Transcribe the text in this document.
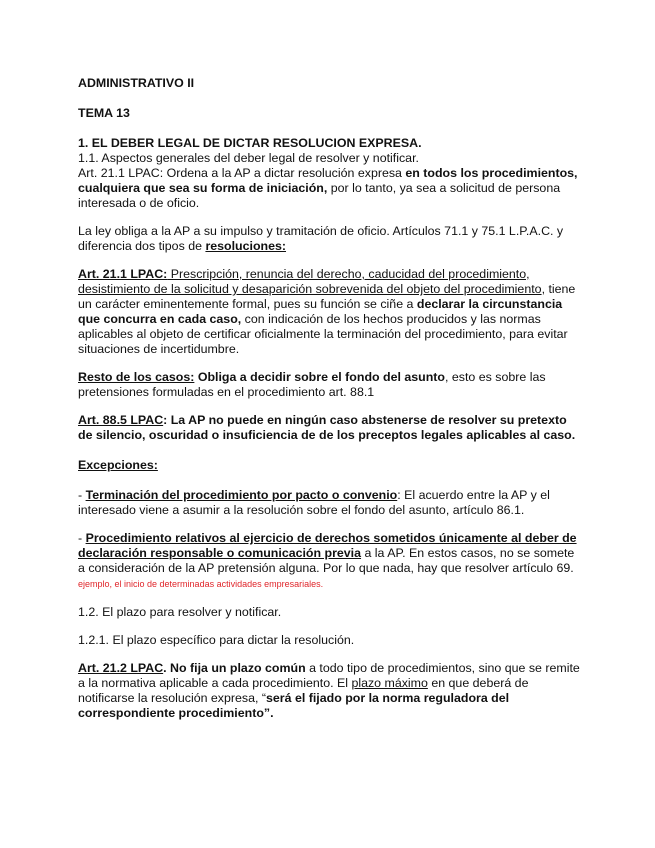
ADMINISTRATIVO II

TEMA 13

1. EL DEBER LEGAL DE DICTAR RESOLUCION EXPRESA.

1.1. Aspectos generales del deber legal de resolver y notificar.

Art. 21.1 LPAC: Ordena a la AP a dictar resolución expresa en todos los procedimientos, cualquiera que sea su forma de iniciación, por lo tanto, ya sea a solicitud de persona interesada o de oficio.

La ley obliga a la AP a su impulso y tramitación de oficio. Artículos 71.1 y 75.1 L.P.A.C. y diferencia dos tipos de resoluciones:

Art. 21.1 LPAC: Prescripción, renuncia del derecho, caducidad del procedimiento, desistimiento de la solicitud y desaparición sobrevenida del objeto del procedimiento, tiene un carácter eminentemente formal, pues su función se ciñe a declarar la circunstancia que concurra en cada caso, con indicación de los hechos producidos y las normas aplicables al objeto de certificar oficialmente la terminación del procedimiento, para evitar situaciones de incertidumbre.

Resto de los casos: Obliga a decidir sobre el fondo del asunto, esto es sobre las pretensiones formuladas en el procedimiento art. 88.1

Art. 88.5 LPAC: La AP no puede en ningún caso abstenerse de resolver su pretexto de silencio, oscuridad o insuficiencia de de los preceptos legales aplicables al caso.

Excepciones:

- Terminación del procedimiento por pacto o convenio: El acuerdo entre la AP y el interesado viene a asumir a la resolución sobre el fondo del asunto, artículo 86.1.

- Procedimiento relativos al ejercicio de derechos sometidos únicamente al deber de declaración responsable o comunicación previa a la AP. En estos casos, no se somete a consideración de la AP pretensión alguna. Por lo que nada, hay que resolver artículo 69. ejemplo, el inicio de determinadas actividades empresariales.

1.2. El plazo para resolver y notificar.

1.2.1. El plazo específico para dictar la resolución.

Art. 21.2 LPAC. No fija un plazo común a todo tipo de procedimientos, sino que se remite a la normativa aplicable a cada procedimiento. El plazo máximo en que deberá de notificarse la resolución expresa, “será el fijado por la norma reguladora del correspondiente procedimiento”.
